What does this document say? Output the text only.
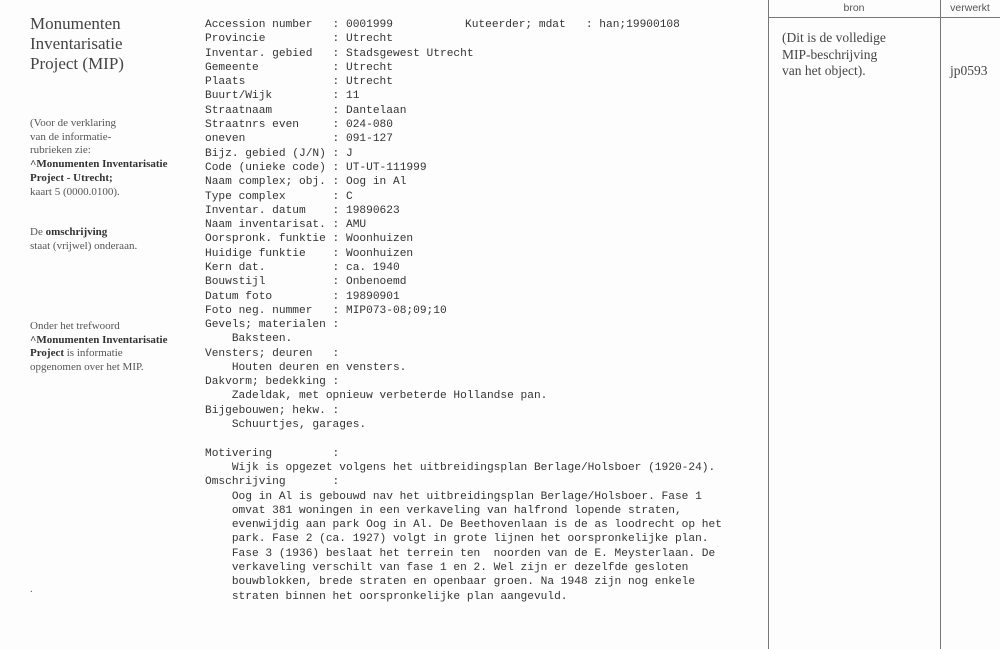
Monumenten
Inventarisatie
Project (MIP)
(Voor de verklaring
van de informatie-
rubrieken zie:
^Monumenten Inventarisatie
Project - Utrecht;
kaart 5 (0000.0100).
De omschrijving
staat (vrijwel) onderaan.
Onder het trefwoord
^Monumenten Inventarisatie
Project is informatie
opgenomen over het MIP.
.
Accession number : 0001999
Provincie	: Utrecht
Inventar. gebied : Stadsgewest Utrecht
Gemeente	: Utrecht
Plaats	: Utrecht
Buurt/Wijk	: 11
Straatnaam	: Dantelaan
Straatnrs even	: 024-080
oneven	: 091-127
Bijz. gebied (J/N) : J
Code (unieke code) : UT-UT-111999
Naam complex; obj. : Oog in Al
Type complex	: C
Inventar. datum : 19890623
Naam inventarisat. : AMU
Oorspronk. funktie : Woonhuizen
Huidige funktie : Woonhuizen
Kern dat.	: ca. 1940
Bouwstijl	: Onbenoemd
Datum foto	: 19890901
Foto neg. nummer : MIP073-08;09;10
Kuteerder; mdat : han;19900108
Gevels; materialen :
Baksteen.
Vensters; deuren   :
Houten deuren en vensters.
Dakvorm; bedekking :
Zadeldak, met opnieuw verbeterde Hollandse pan.
Bijgebouwen; hekw. :
Schuurtjes, garages.
Motivering         :
Wijk is opgezet volgens het uitbreidingsplan Berlage/Holsboer (1920-24).
Omschrijving       :
Oog in Al is gebouwd nav het uitbreidingsplan Berlage/Holsboer. Fase 1
omvat 381 woningen in een verkaveling van halfrond lopende straten,
evenwijdig aan park Oog in Al. De Beethovenlaan is de as loodrecht op het
park. Fase 2 (ca. 1927) volgt in grote lijnen het oorspronkelijke plan.
Fase 3 (1936) beslaat het terrein ten  noorden van de E. Meysterlaan. De
verkaveling verschilt van fase 1 en 2. Wel zijn er dezelfde gesloten
bouwblokken, brede straten en openbaar groen. Na 1948 zijn nog enkele
straten binnen het oorspronkelijke plan aangevuld.
bron	verwerkt
(Dit is de volledige
MIP-beschrijving
van het object).	jp0593
